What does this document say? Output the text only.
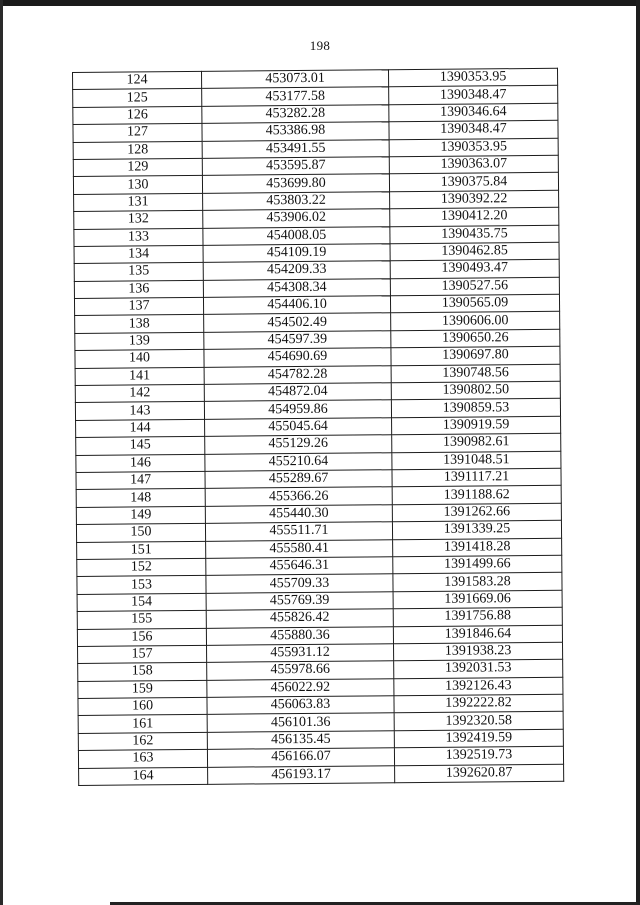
198
124	453073.01	1390353.95
125	453177.58	1390348.47
126	453282.28	1390346.64
127	453386.98	1390348.47
128	453491.55	1390353.95
129	453595.87	1390363.07
130	453699.80	1390375.84
131	453803.22	1390392.22
132	453906.02	1390412.20
133	454008.05	1390435.75
134	454109.19	1390462.85
135	454209.33	1390493.47
136	454308.34	1390527.56
137	454406.10	1390565.09
138	454502.49	1390606.00
139	454597.39	1390650.26
140	454690.69	1390697.80
141	454782.28	1390748.56
142	454872.04	1390802.50
143	454959.86	1390859.53
144	455045.64	1390919.59
145	455129.26	1390982.61
146	455210.64	1391048.51
147	455289.67	1391117.21
148	455366.26	1391188.62
149	455440.30	1391262.66
150	455511.71	1391339.25
151	455580.41	1391418.28
152	455646.31	1391499.66
153	455709.33	1391583.28
154	455769.39	1391669.06
155	455826.42	1391756.88
156	455880.36	1391846.64
157	455931.12	1391938.23
158	455978.66	1392031.53
159	456022.92	1392126.43
160	456063.83	1392222.82
161	456101.36	1392320.58
162	456135.45	1392419.59
163	456166.07	1392519.73
164	456193.17	1392620.87
